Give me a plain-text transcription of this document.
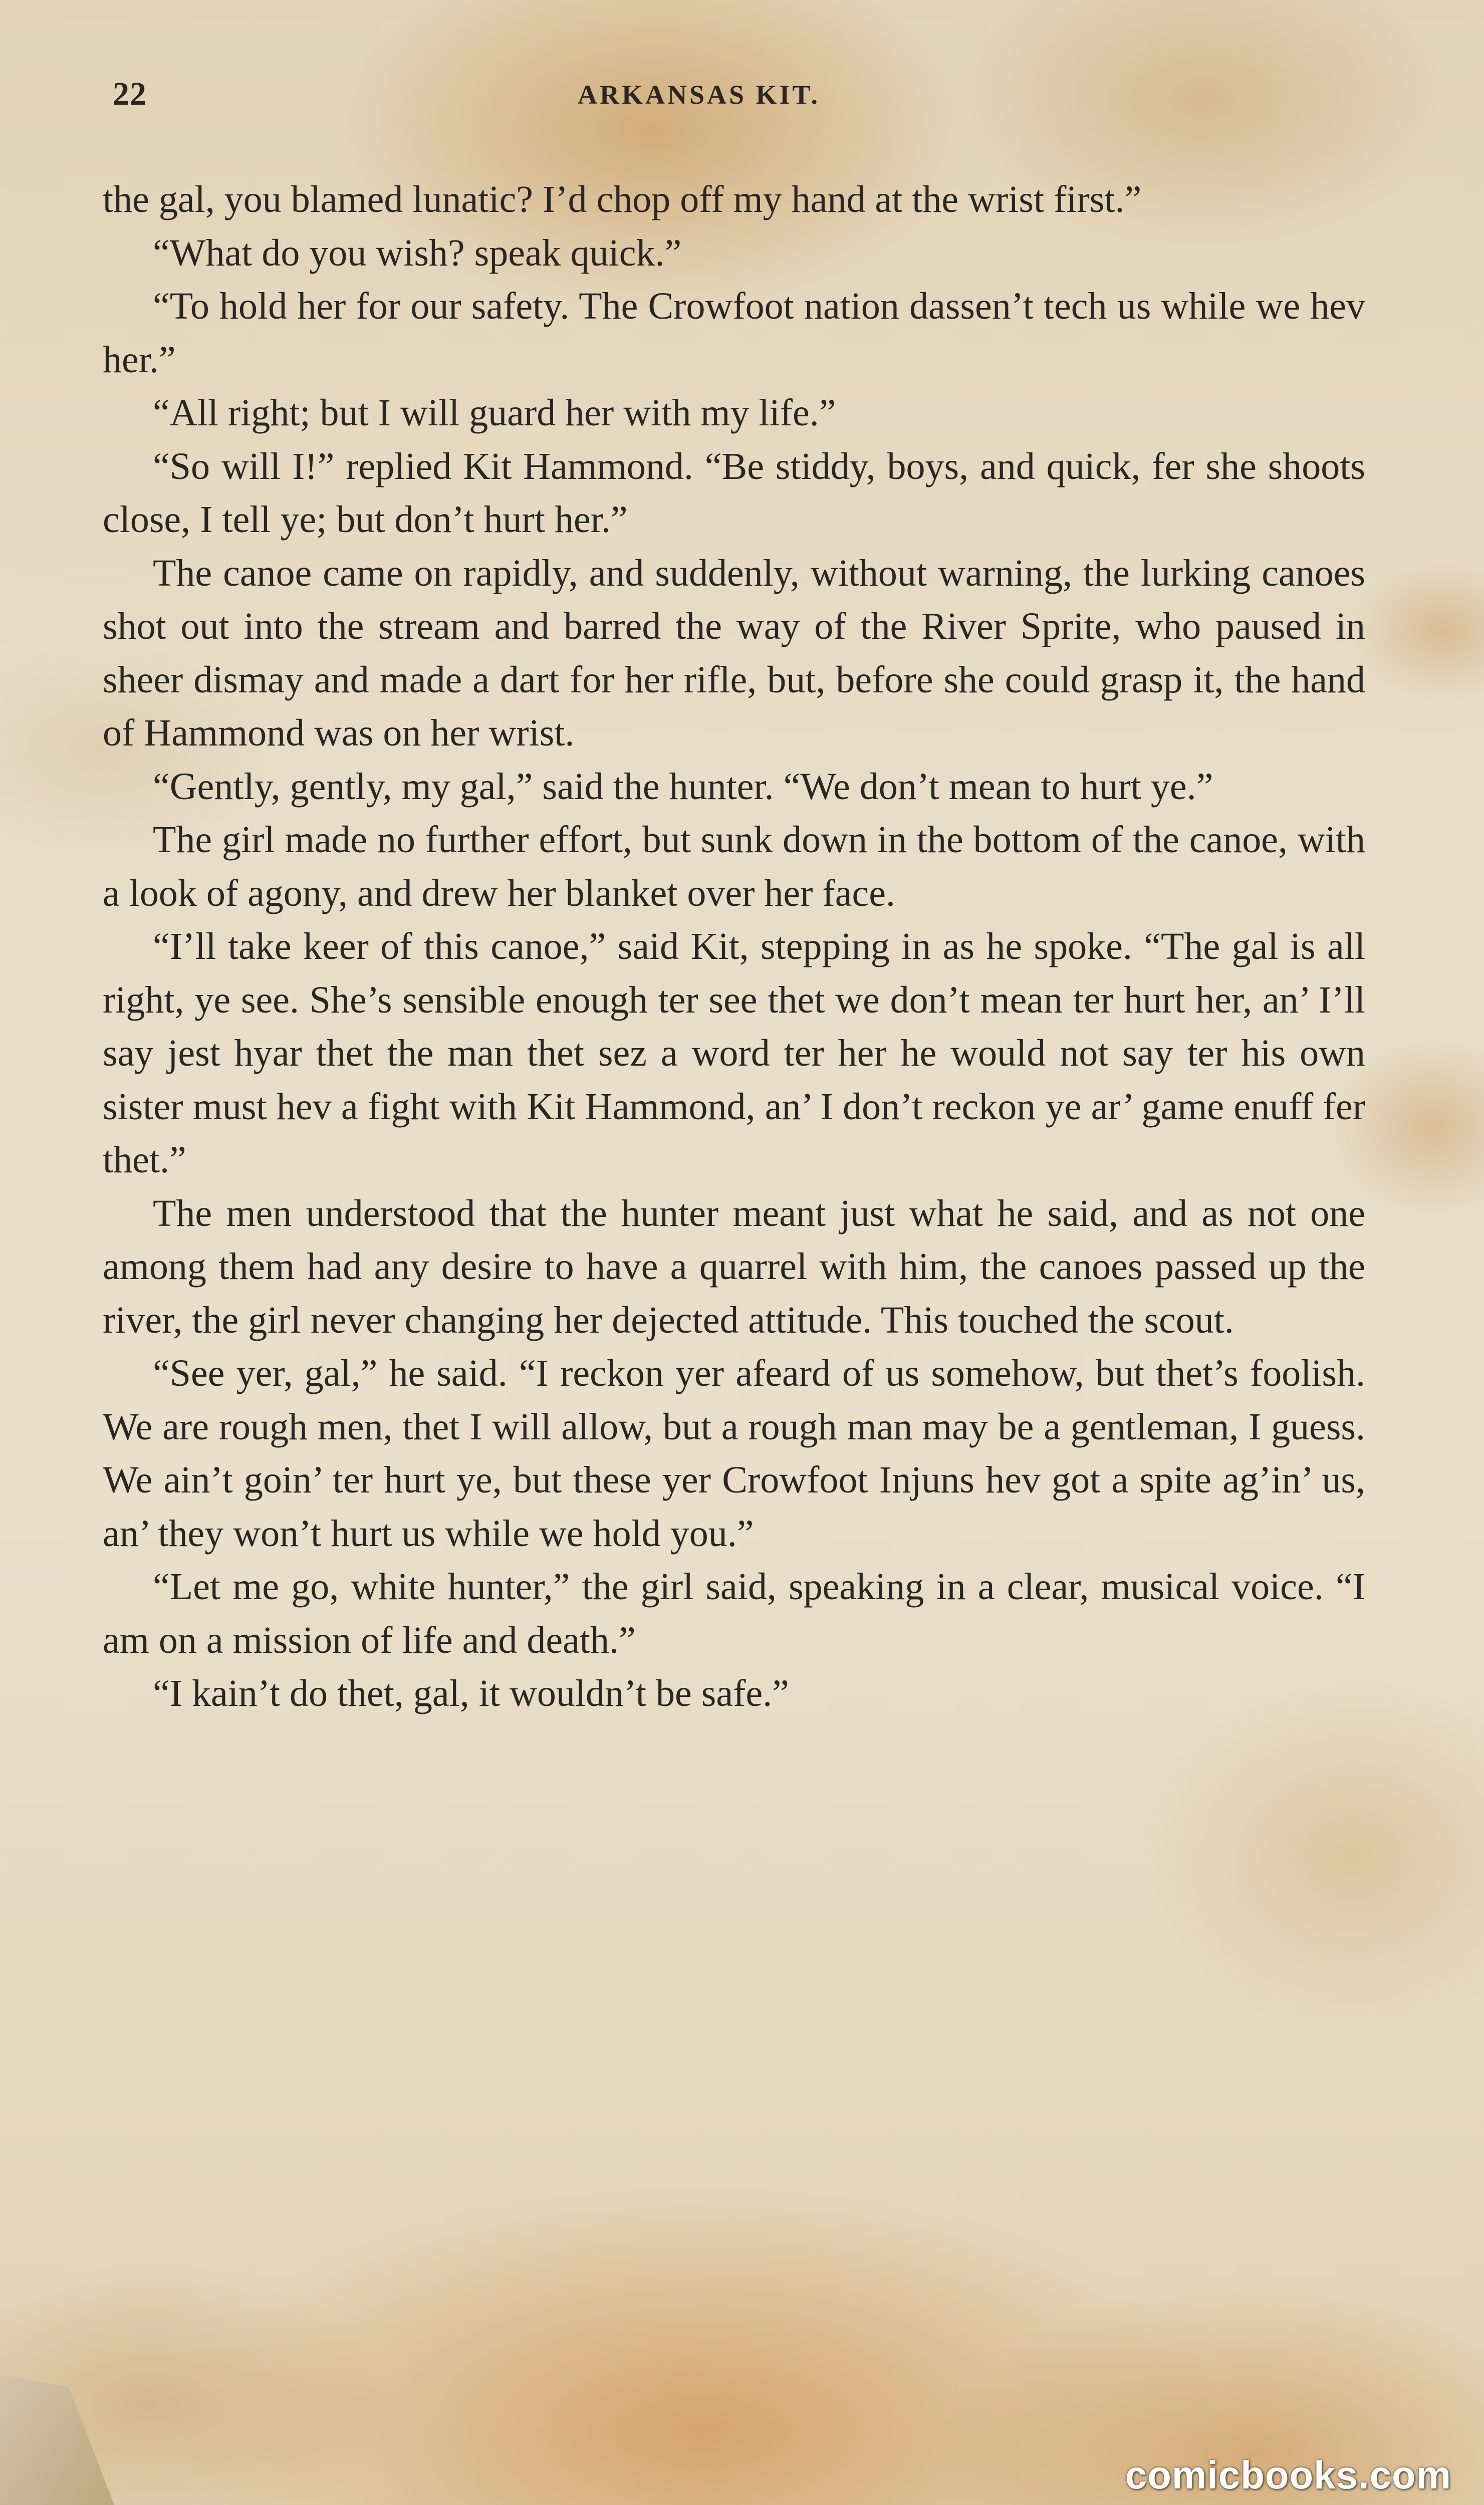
22	ARKANSAS KIT.

the gal, you blamed lunatic? I’d chop off my hand at the wrist first.”

“What do you wish? speak quick.”

“To hold her for our safety. The Crowfoot nation dassen’t tech us while we hev her.”

“All right; but I will guard her with my life.”

“So will I!” replied Kit Hammond. “Be stiddy, boys, and quick, fer she shoots close, I tell ye; but don’t hurt her.”

The canoe came on rapidly, and suddenly, without warning, the lurking canoes shot out into the stream and barred the way of the River Sprite, who paused in sheer dismay and made a dart for her rifle, but, before she could grasp it, the hand of Hammond was on her wrist.

“Gently, gently, my gal,” said the hunter. “We don’t mean to hurt ye.”

The girl made no further effort, but sunk down in the bottom of the canoe, with a look of agony, and drew her blanket over her face.

“I’ll take keer of this canoe,” said Kit, stepping in as he spoke. “The gal is all right, ye see. She’s sensible enough ter see thet we don’t mean ter hurt her, an’ I’ll say jest hyar thet the man thet sez a word ter her he would not say ter his own sister must hev a fight with Kit Hammond, an’ I don’t reckon ye ar’ game enuff fer thet.”

The men understood that the hunter meant just what he said, and as not one among them had any desire to have a quarrel with him, the canoes passed up the river, the girl never changing her dejected attitude. This touched the scout.

“See yer, gal,” he said. “I reckon yer afeard of us somehow, but thet’s foolish. We are rough men, thet I will allow, but a rough man may be a gentleman, I guess. We ain’t goin’ ter hurt ye, but these yer Crowfoot Injuns hev got a spite ag’in’ us, an’ they won’t hurt us while we hold you.”

“Let me go, white hunter,” the girl said, speaking in a clear, musical voice. “I am on a mission of life and death.”

“I kain’t do thet, gal, it wouldn’t be safe.”

comicbooks.com
